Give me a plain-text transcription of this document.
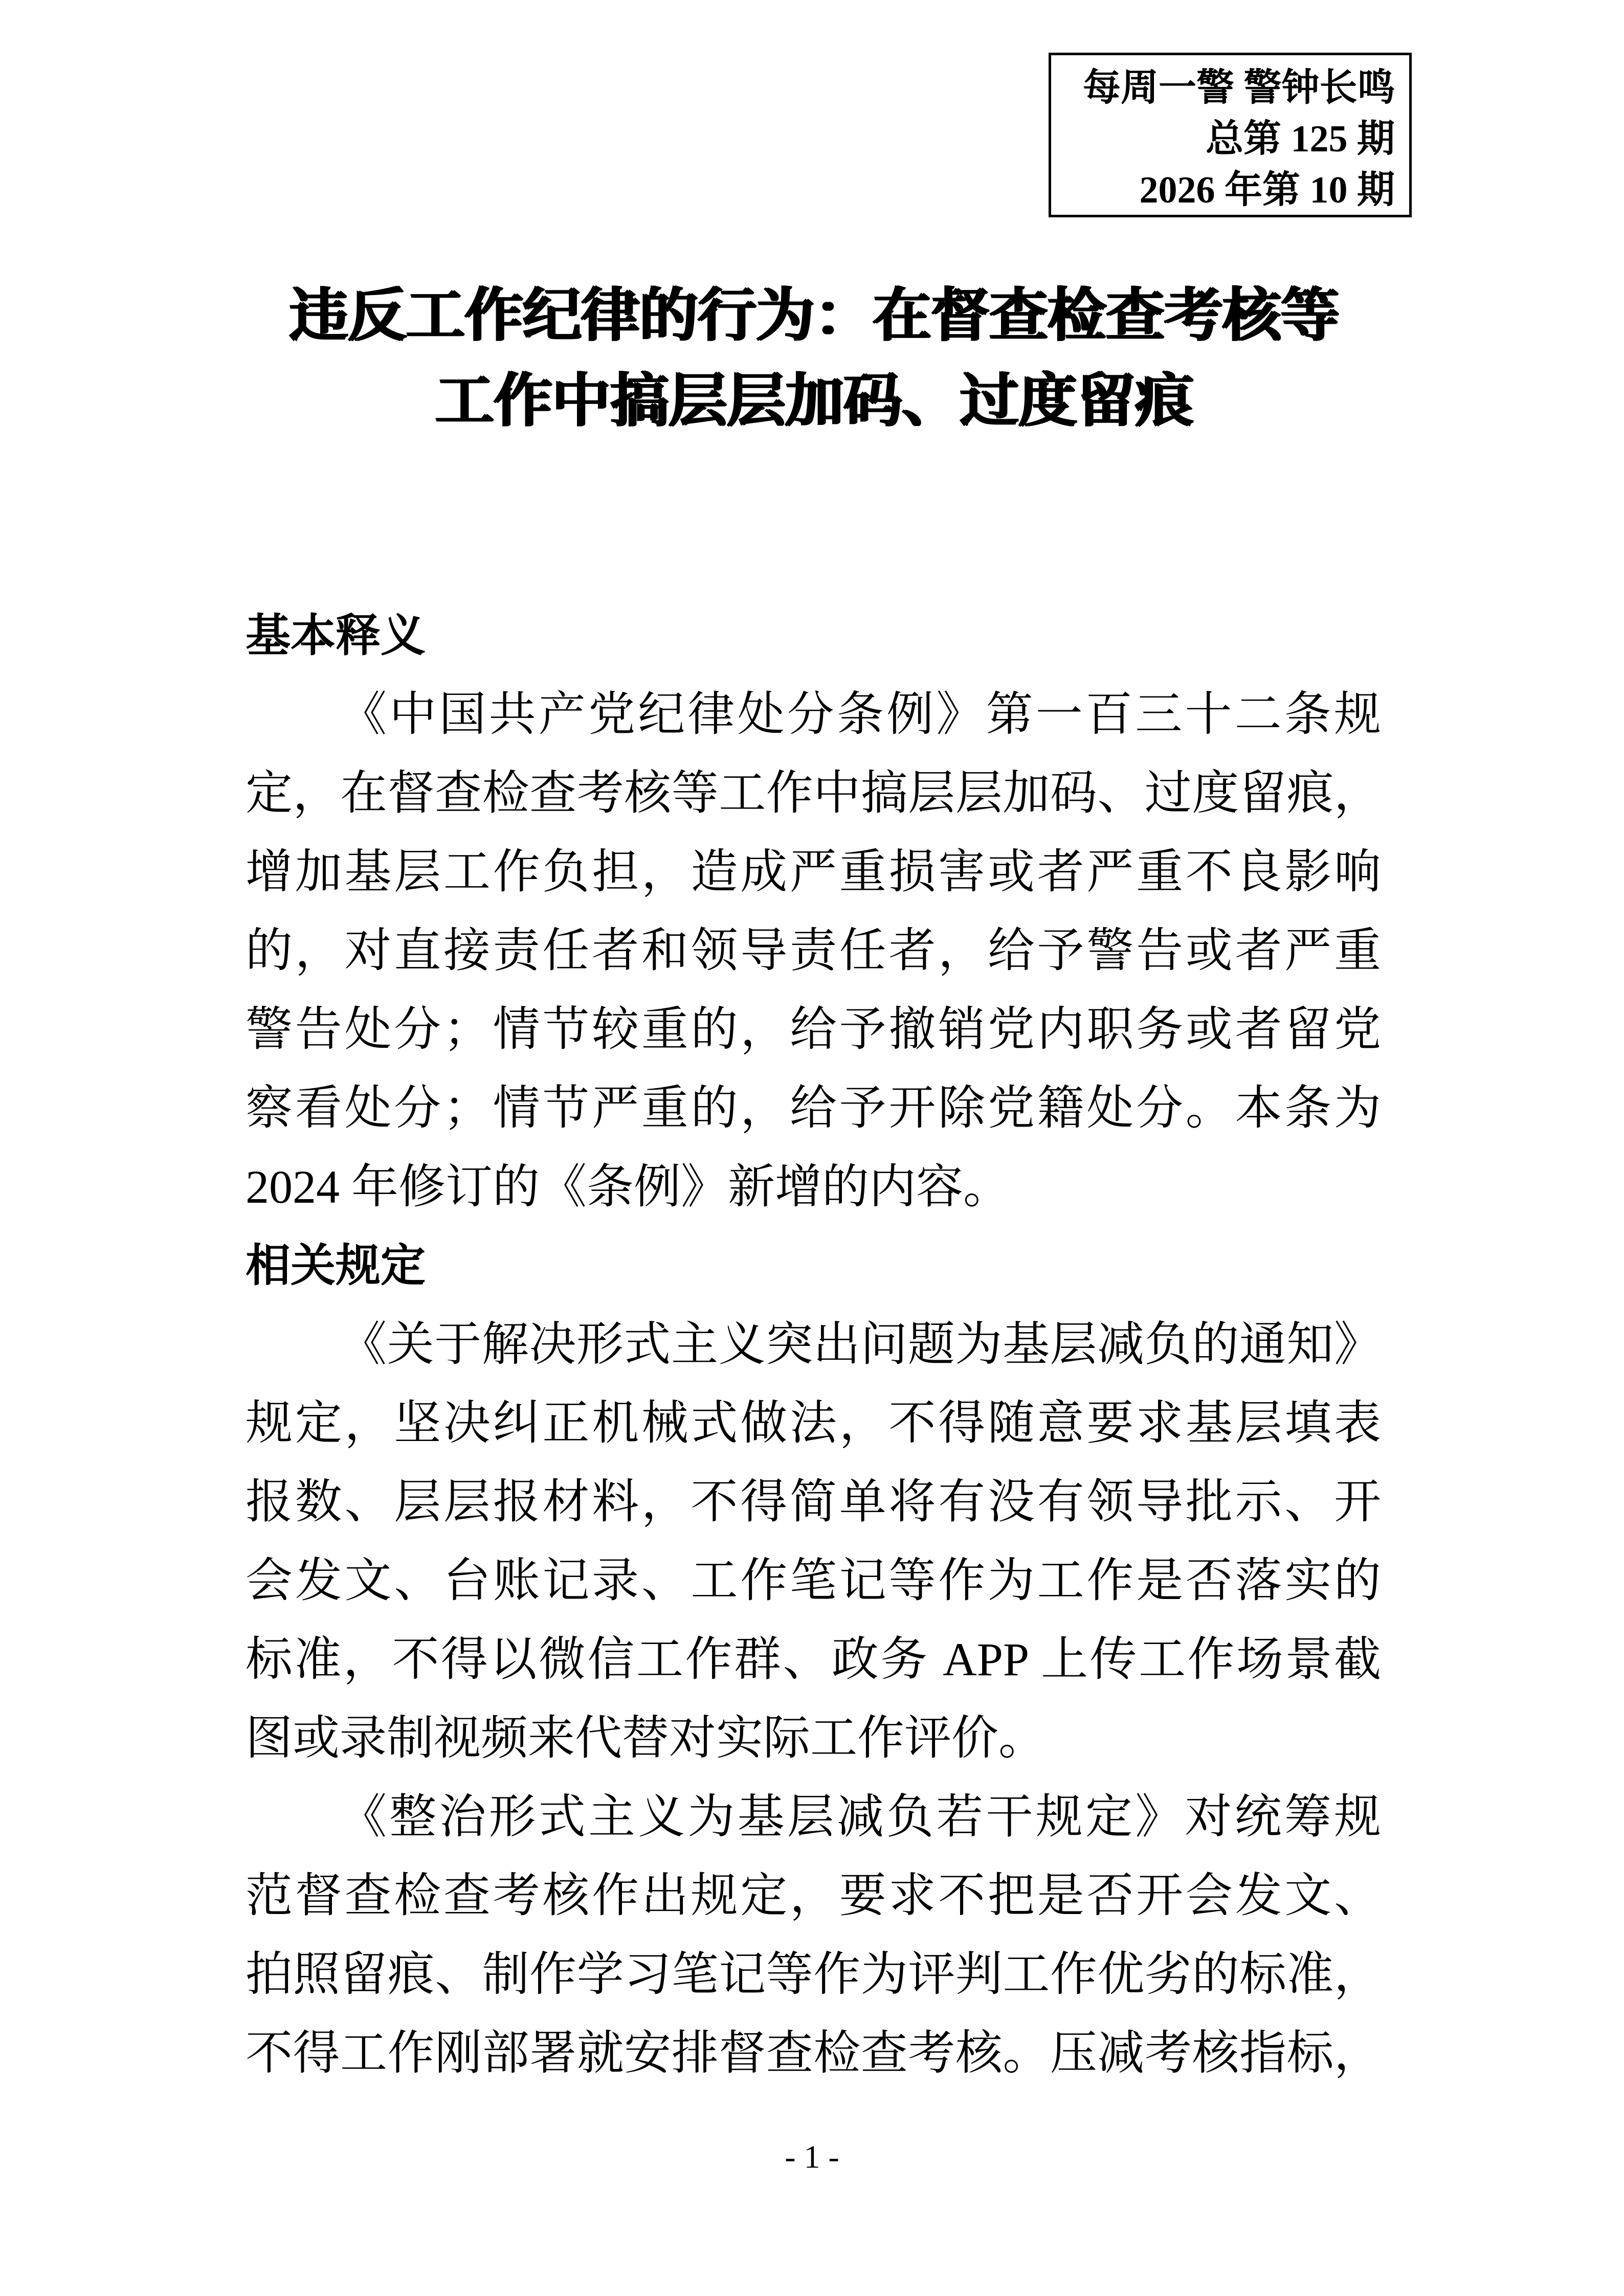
每周一警 警钟长鸣
总第 125 期
2026 年第 10 期
违反工作纪律的行为：在督查检查考核等
工作中搞层层加码、过度留痕
基本释义
《中国共产党纪律处分条例》第一百三十二条规
定，在督查检查考核等工作中搞层层加码、过度留痕，
增加基层工作负担，造成严重损害或者严重不良影响
的，对直接责任者和领导责任者，给予警告或者严重
警告处分；情节较重的，给予撤销党内职务或者留党
察看处分；情节严重的，给予开除党籍处分。本条为
2024 年修订的《条例》新增的内容。
相关规定
《关于解决形式主义突出问题为基层减负的通知》
规定，坚决纠正机械式做法，不得随意要求基层填表
报数、层层报材料，不得简单将有没有领导批示、开
会发文、台账记录、工作笔记等作为工作是否落实的
标准，不得以微信工作群、政务 APP 上传工作场景截
图或录制视频来代替对实际工作评价。
《整治形式主义为基层减负若干规定》对统筹规
范督查检查考核作出规定，要求不把是否开会发文、
拍照留痕、制作学习笔记等作为评判工作优劣的标准，
不得工作刚部署就安排督查检查考核。压减考核指标，
- 1 -
